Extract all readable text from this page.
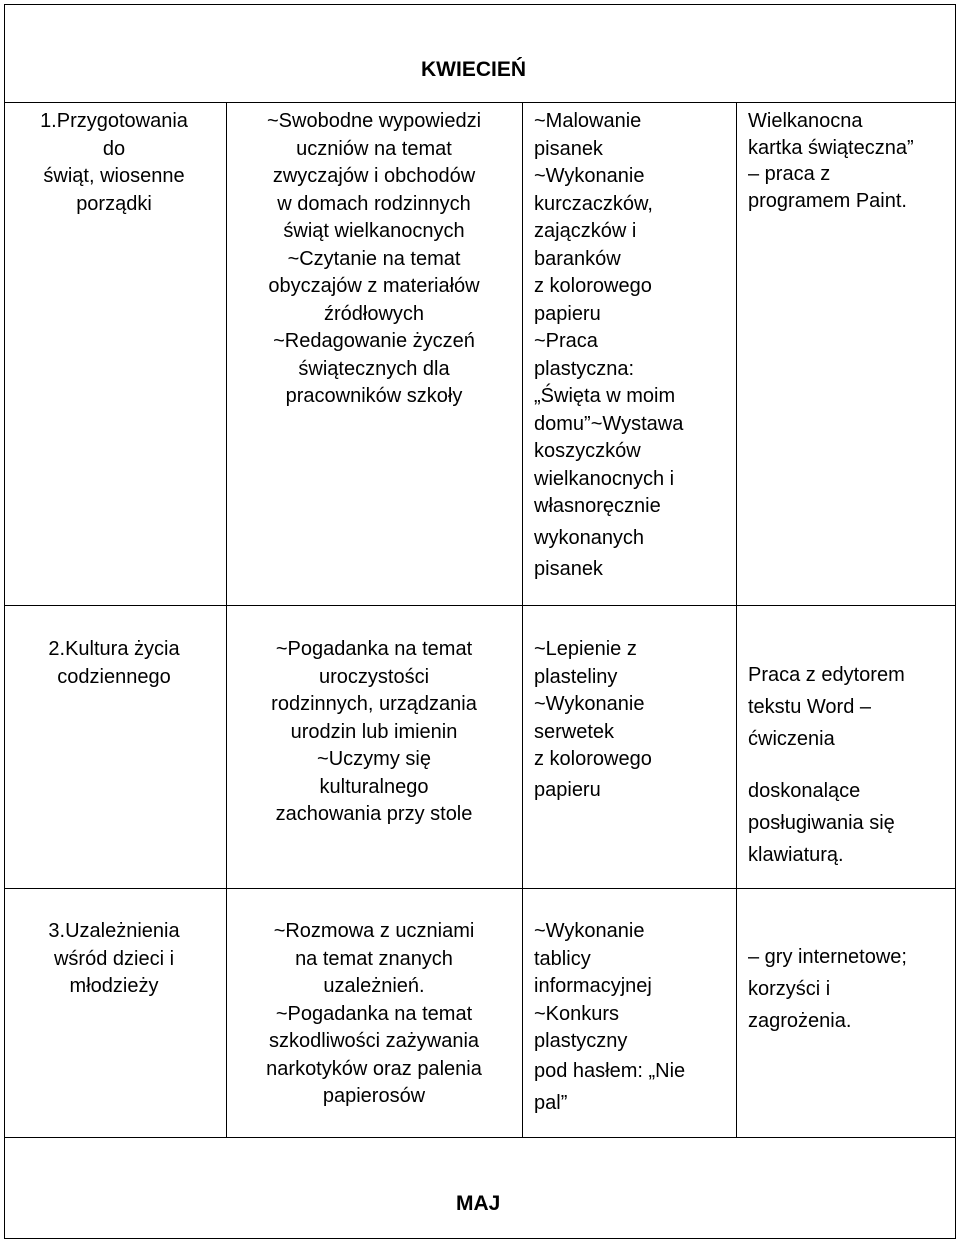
KWIECIEŃ
1.Przygotowania
do
świąt, wiosenne
porządki
~Swobodne wypowiedzi
uczniów na temat
zwyczajów i obchodów
w domach rodzinnych
świąt wielkanocnych
~Czytanie na temat
obyczajów z materiałów
źródłowych
~Redagowanie życzeń
świątecznych dla
pracowników szkoły
~Malowanie
pisanek
~Wykonanie
kurczaczków,
zajączków i
baranków
z kolorowego
papieru
~Praca
plastyczna:
„Święta w moim
domu”~Wystawa
koszyczków
wielkanocnych i
własnoręcznie
wykonanych
pisanek
Wielkanocna
kartka świąteczna”
– praca z
programem Paint.
2.Kultura życia
codziennego
~Pogadanka na temat
uroczystości
rodzinnych, urządzania
urodzin lub imienin
~Uczymy się
kulturalnego
zachowania przy stole
~Lepienie z
plasteliny
~Wykonanie
serwetek
z kolorowego
papieru
Praca z edytorem
tekstu Word –
ćwiczenia
doskonalące
posługiwania się
klawiaturą.
3.Uzależnienia
wśród dzieci i
młodzieży
~Rozmowa z uczniami
na temat znanych
uzależnień.
~Pogadanka na temat
szkodliwości zażywania
narkotyków oraz palenia
papierosów
~Wykonanie
tablicy
informacyjnej
~Konkurs
plastyczny
pod hasłem: „Nie
pal”
– gry internetowe;
korzyści i
zagrożenia.
MAJ
